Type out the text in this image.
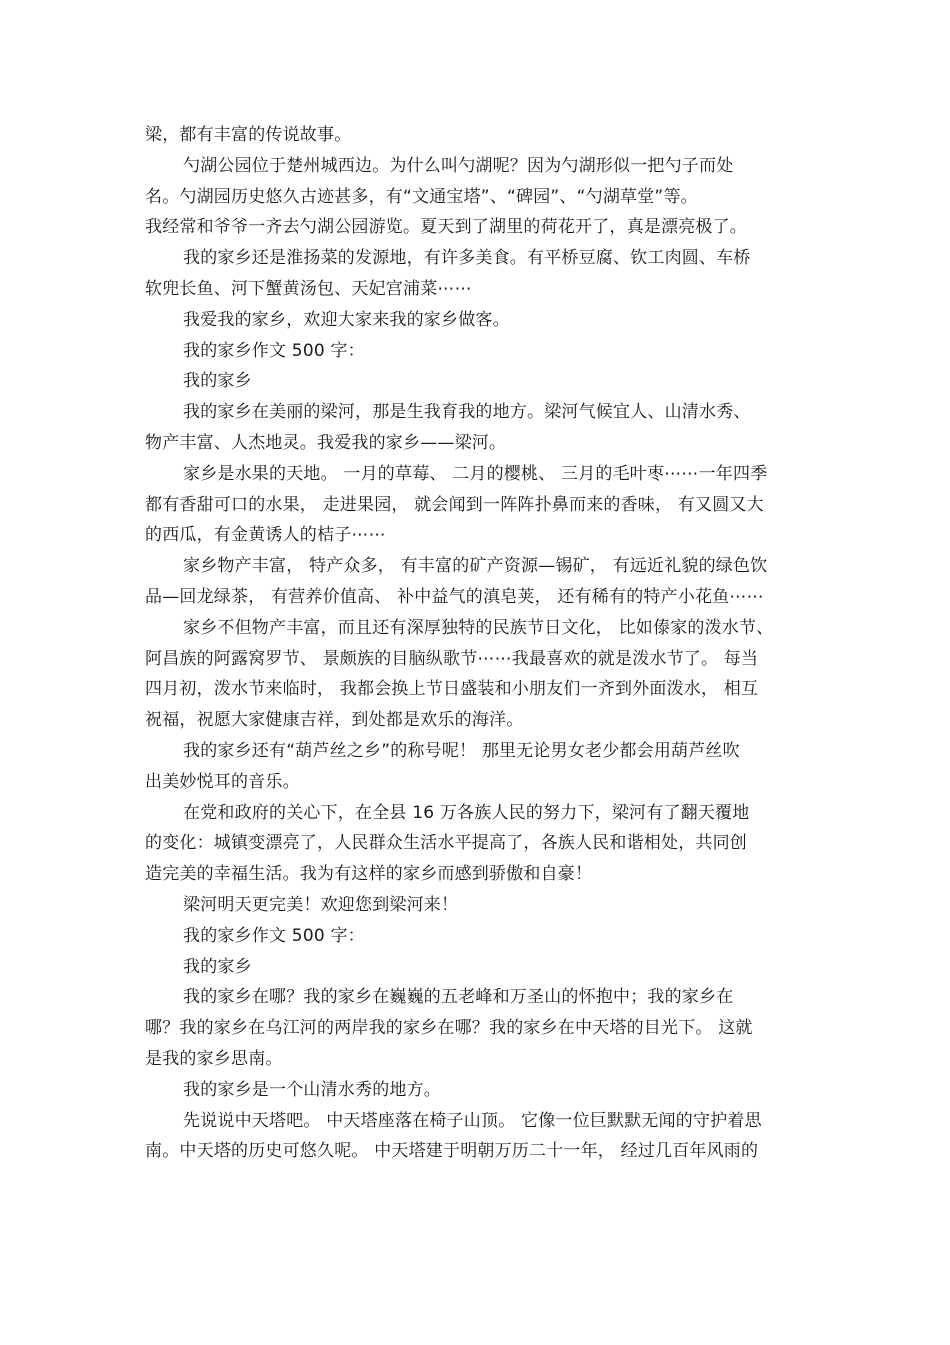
梁，都有丰富的传说故事。
勺湖公园位于楚州城西边。为什么叫勺湖呢？因为勺湖形似一把勺子而处
名。勺湖园历史悠久古迹甚多，有“文通宝塔”、“碑园”、“勺湖草堂”等。
我经常和爷爷一齐去勺湖公园游览。夏天到了湖里的荷花开了，真是漂亮极了。
我的家乡还是淮扬菜的发源地，有许多美食。有平桥豆腐、钦工肉圆、车桥
软兜长鱼、河下蟹黄汤包、天妃宫浦菜⋯⋯
我爱我的家乡，欢迎大家来我的家乡做客。
我的家乡作文 500 字：
我的家乡
我的家乡在美丽的梁河，那是生我育我的地方。梁河气候宜人、山清水秀、
物产丰富、人杰地灵。我爱我的家乡——梁河。
家乡是水果的天地。 一月的草莓、 二月的樱桃、 三月的毛叶枣⋯⋯一年四季
都有香甜可口的水果， 走进果园， 就会闻到一阵阵扑鼻而来的香味， 有又圆又大
的西瓜，有金黄诱人的桔子⋯⋯
家乡物产丰富， 特产众多， 有丰富的矿产资源—锡矿， 有远近礼貌的绿色饮
品—回龙绿茶， 有营养价值高、 补中益气的滇皂荚， 还有稀有的特产小花鱼⋯⋯
家乡不但物产丰富，而且还有深厚独特的民族节日文化， 比如傣家的泼水节、
阿昌族的阿露窝罗节、 景颇族的目脑纵歌节⋯⋯我最喜欢的就是泼水节了。 每当
四月初，泼水节来临时， 我都会换上节日盛装和小朋友们一齐到外面泼水， 相互
祝福，祝愿大家健康吉祥，到处都是欢乐的海洋。
我的家乡还有“葫芦丝之乡”的称号呢！ 那里无论男女老少都会用葫芦丝吹
出美妙悦耳的音乐。
在党和政府的关心下，在全县 16 万各族人民的努力下，梁河有了翻天覆地
的变化：城镇变漂亮了，人民群众生活水平提高了，各族人民和谐相处，共同创
造完美的幸福生活。我为有这样的家乡而感到骄傲和自豪！
梁河明天更完美！欢迎您到梁河来！
我的家乡作文 500 字：
我的家乡
我的家乡在哪？我的家乡在巍巍的五老峰和万圣山的怀抱中；我的家乡在
哪？我的家乡在乌江河的两岸我的家乡在哪？我的家乡在中天塔的目光下。 这就
是我的家乡思南。
我的家乡是一个山清水秀的地方。
先说说中天塔吧。 中天塔座落在椅子山顶。 它像一位巨默默无闻的守护着思
南。中天塔的历史可悠久呢。 中天塔建于明朝万历二十一年， 经过几百年风雨的
